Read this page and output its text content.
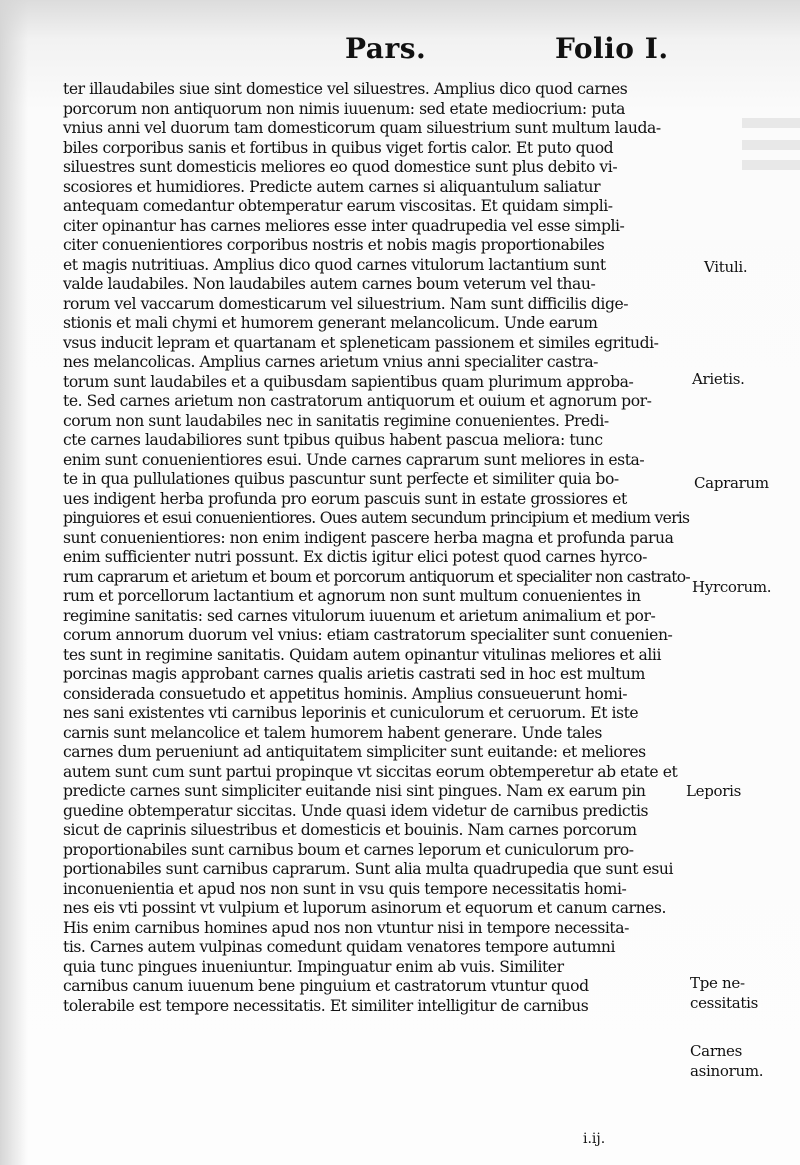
Pars.	Folio I.
ter illaudabiles siue sint domestice vel siluestres. Amplius dico quod carnes
porcorum non antiquorum non nimis iuuenum: sed etate mediocrium: puta
vnius anni vel duorum tam domesticorum quam siluestrium sunt multum lauda-
biles corporibus sanis et fortibus in quibus viget fortis calor. Et puto quod
siluestres sunt domesticis meliores eo quod domestice sunt plus debito vi-
scosiores et humidiores. Predicte autem carnes si aliquantulum saliatur
antequam comedantur obtemperatur earum viscositas. Et quidam simpli-
citer opinantur has carnes meliores esse inter quadrupedia vel esse simpli-
citer conuenientiores corporibus nostris et nobis magis proportionabiles
et magis nutritiuas. Amplius dico quod carnes vitulorum lactantium sunt
valde laudabiles. Non laudabiles autem carnes boum veterum vel thau-
rorum vel vaccarum domesticarum vel siluestrium. Nam sunt difficilis dige-
stionis et mali chymi et humorem generant melancolicum. Unde earum
vsus inducit lepram et quartanam et spleneticam passionem et similes egritudi-
nes melancolicas. Amplius carnes arietum vnius anni specialiter castra-
torum sunt laudabiles et a quibusdam sapientibus quam plurimum approba-
te. Sed carnes arietum non castratorum antiquorum et ouium et agnorum por-
corum non sunt laudabiles nec in sanitatis regimine conuenientes. Predi-
cte carnes laudabiliores sunt tpibus quibus habent pascua meliora: tunc
enim sunt conuenientiores esui. Unde carnes caprarum sunt meliores in esta-
te in qua pullulationes quibus pascuntur sunt perfecte et similiter quia bo-
ues indigent herba profunda pro eorum pascuis sunt in estate grossiores et
pinguiores et esui conuenientiores. Oues autem secundum principium et medium veris
sunt conuenientiores: non enim indigent pascere herba magna et profunda parua
enim sufficienter nutri possunt. Ex dictis igitur elici potest quod carnes hyrco-
rum caprarum et arietum et boum et porcorum antiquorum et specialiter non castrato-
rum et porcellorum lactantium et agnorum non sunt multum conuenientes in
regimine sanitatis: sed carnes vitulorum iuuenum et arietum animalium et por-
corum annorum duorum vel vnius: etiam castratorum specialiter sunt conuenien-
tes sunt in regimine sanitatis. Quidam autem opinantur vitulinas meliores et alii
porcinas magis approbant carnes qualis arietis castrati sed in hoc est multum
considerada consuetudo et appetitus hominis. Amplius consueuerunt homi-
nes sani existentes vti carnibus leporinis et cuniculorum et ceruorum. Et iste
carnis sunt melancolice et talem humorem habent generare. Unde tales
carnes dum perueniunt ad antiquitatem simpliciter sunt euitande: et meliores
autem sunt cum sunt partui propinque vt siccitas eorum obtemperetur ab etate et
predicte carnes sunt simpliciter euitande nisi sint pingues. Nam ex earum pin
guedine obtemperatur siccitas. Unde quasi idem videtur de carnibus predictis
sicut de caprinis siluestribus et domesticis et bouinis. Nam carnes porcorum
proportionabiles sunt carnibus boum et carnes leporum et cuniculorum pro-
portionabiles sunt carnibus caprarum. Sunt alia multa quadrupedia que sunt esui
inconuenientia et apud nos non sunt in vsu quis tempore necessitatis homi-
nes eis vti possint vt vulpium et luporum asinorum et equorum et canum carnes.
His enim carnibus homines apud nos non vtuntur nisi in tempore necessita-
tis. Carnes autem vulpinas comedunt quidam venatores tempore autumni
quia tunc pingues inueniuntur. Impinguatur enim ab vuis. Similiter
carnibus canum iuuenum bene pinguium et castratorum vtuntur quod
tolerabile est tempore necessitatis. Et similiter intelligitur de carnibus
Vituli.
Arietis.
Caprarum
Hyrcorum.
Leporis
Tpe ne-
cessitatis
Carnes
asinorum.
i.ij.
